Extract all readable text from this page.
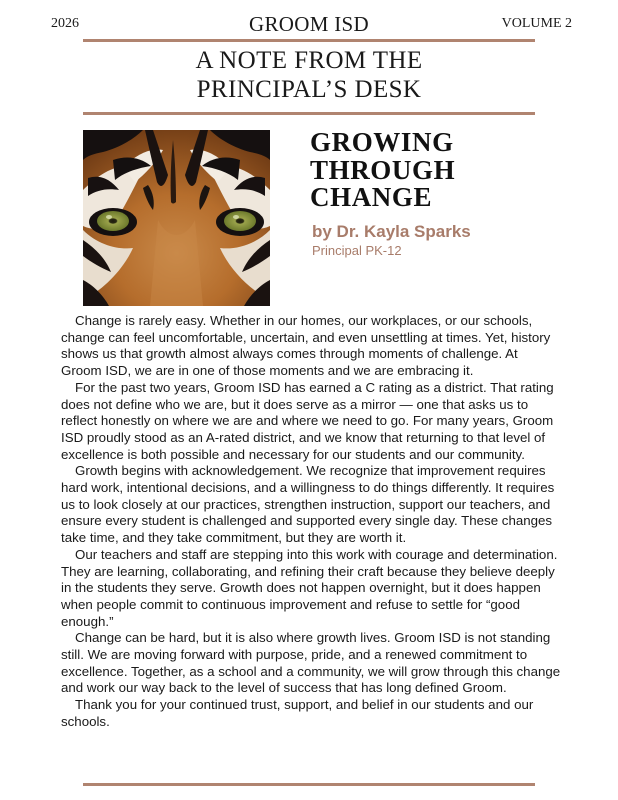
2026	GROOM ISD	VOLUME 2
A NOTE FROM THE
PRINCIPAL’S DESK
GROWING
THROUGH
CHANGE
by Dr. Kayla Sparks
Principal PK-12

Change is rarely easy. Whether in our homes, our workplaces, or our schools, change can feel uncomfortable, uncertain, and even unsettling at times. Yet, history shows us that growth almost always comes through moments of challenge. At Groom ISD, we are in one of those moments and we are embracing it.

For the past two years, Groom ISD has earned a C rating as a district. That rating does not define who we are, but it does serve as a mirror — one that asks us to reflect honestly on where we are and where we need to go. For many years, Groom ISD proudly stood as an A-rated district, and we know that returning to that level of excellence is both possible and necessary for our students and our community.

Growth begins with acknowledgement. We recognize that improvement requires hard work, intentional decisions, and a willingness to do things differently. It requires us to look closely at our practices, strengthen instruction, support our teachers, and ensure every student is challenged and supported every single day. These changes take time, and they take commitment, but they are worth it.

Our teachers and staff are stepping into this work with courage and determination. They are learning, collaborating, and refining their craft because they believe deeply in the students they serve. Growth does not happen overnight, but it does happen when people commit to continuous improvement and refuse to settle for “good enough.”

Change can be hard, but it is also where growth lives. Groom ISD is not standing still. We are moving forward with purpose, pride, and a renewed commitment to excellence. Together, as a school and a community, we will grow through this change and work our way back to the level of success that has long defined Groom.

Thank you for your continued trust, support, and belief in our students and our schools.
